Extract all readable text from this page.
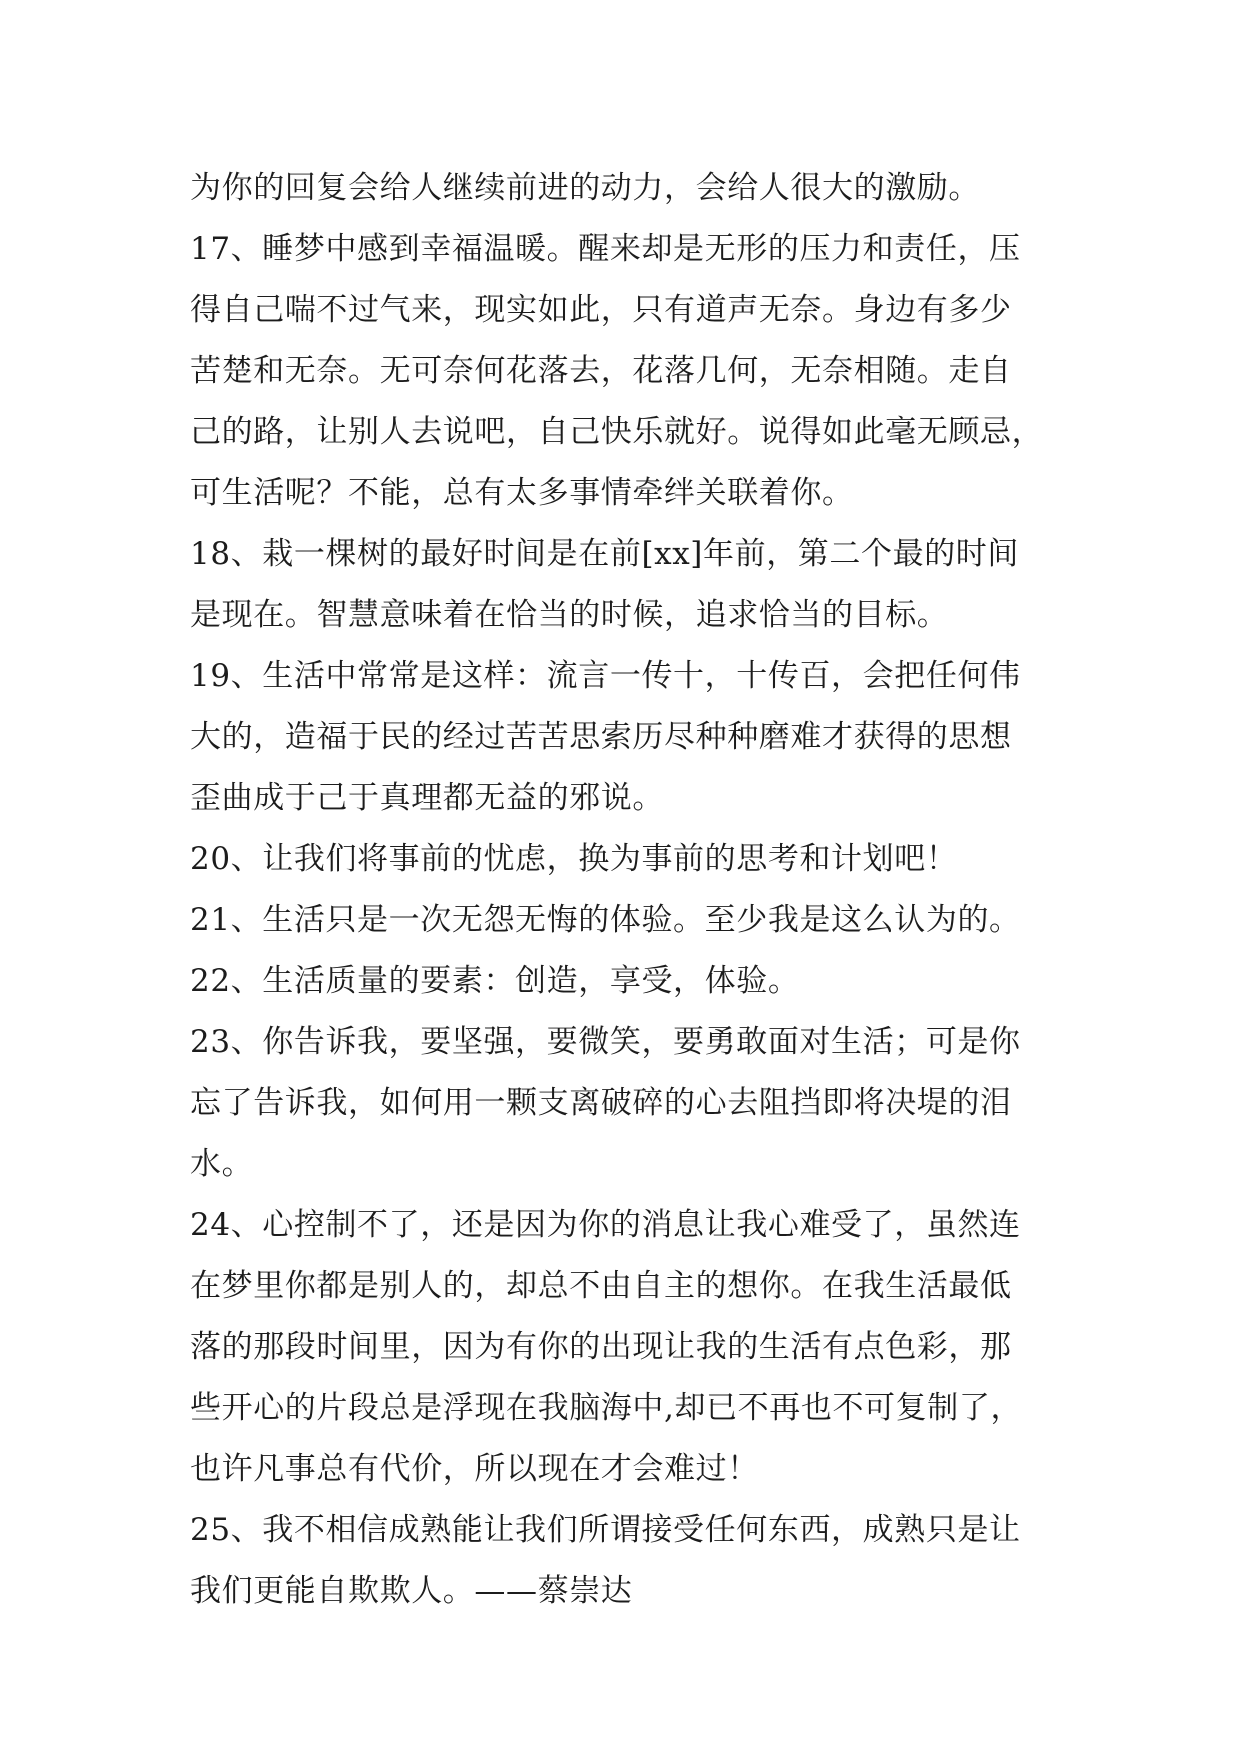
为你的回复会给人继续前进的动力，会给人很大的激励。
17、睡梦中感到幸福温暖。醒来却是无形的压力和责任，压
得自己喘不过气来，现实如此，只有道声无奈。身边有多少
苦楚和无奈。无可奈何花落去，花落几何，无奈相随。走自
己的路，让别人去说吧，自己快乐就好。说得如此毫无顾忌，
可生活呢？不能，总有太多事情牵绊关联着你。
18、栽一棵树的最好时间是在前[xx]年前，第二个最的时间
是现在。智慧意味着在恰当的时候，追求恰当的目标。
19、生活中常常是这样：流言一传十，十传百，会把任何伟
大的，造福于民的经过苦苦思索历尽种种磨难才获得的思想
歪曲成于己于真理都无益的邪说。
20、让我们将事前的忧虑，换为事前的思考和计划吧！
21、生活只是一次无怨无悔的体验。至少我是这么认为的。
22、生活质量的要素：创造，享受，体验。
23、你告诉我，要坚强，要微笑，要勇敢面对生活；可是你
忘了告诉我，如何用一颗支离破碎的心去阻挡即将决堤的泪
水。
24、心控制不了，还是因为你的消息让我心难受了，虽然连
在梦里你都是别人的，却总不由自主的想你。在我生活最低
落的那段时间里，因为有你的出现让我的生活有点色彩，那
些开心的片段总是浮现在我脑海中,却已不再也不可复制了，
也许凡事总有代价，所以现在才会难过！
25、我不相信成熟能让我们所谓接受任何东西，成熟只是让
我们更能自欺欺人。——蔡崇达
